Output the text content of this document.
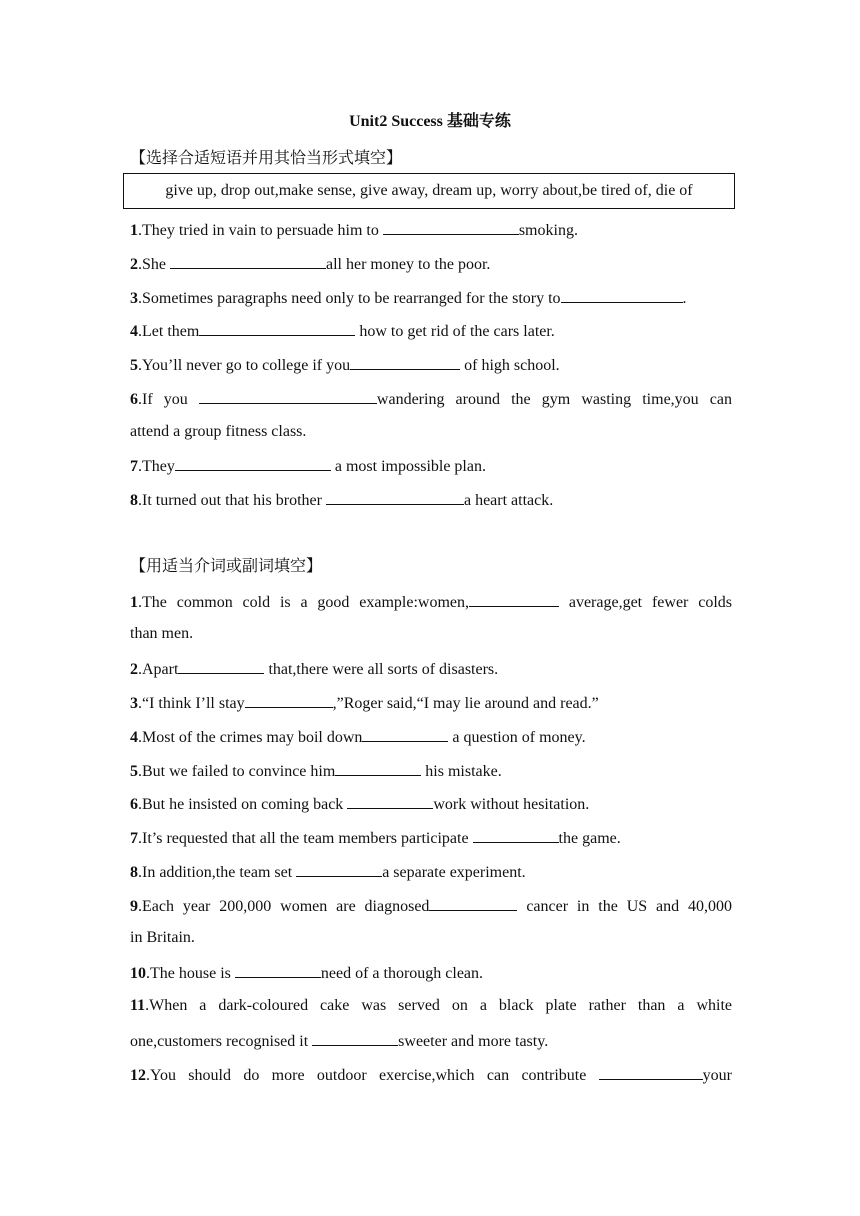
Unit2 Success 基础专练
【选择合适短语并用其恰当形式填空】
give up, drop out,make sense, give away, dream up, worry about,be tired of, die of
1.They tried in vain to persuade him to	smoking.
2.She	all her money to the poor.
3.Sometimes paragraphs need only to be rearranged for the story to	.
4.Let them	how to get rid of the cars later.
5.You’ll never go to college if you	of high school.
6.If you	wandering around the gym wasting time,you can
attend a group fitness class.
7.They	a most impossible plan.
8.It turned out that his brother	a heart attack.
【用适当介词或副词填空】
1.The common cold is a good example:women,	average,get fewer colds
than men.
2.Apart	that,there were all sorts of disasters.
3.“I think I’ll stay	,”Roger said,“I may lie around and read.”
4.Most of the crimes may boil down	a question of money.
5.But we failed to convince him	his mistake.
6.But he insisted on coming back	work without hesitation.
7.It’s requested that all the team members participate	the game.
8.In addition,the team set	a separate experiment.
9.Each year 200,000 women are diagnosed	cancer in the US and 40,000
in Britain.
10.The house is	need of a thorough clean.
11.When a dark-coloured cake was served on a black plate rather than a white
one,customers recognised it	sweeter and more tasty.
12.You should do more outdoor exercise,which can contribute	your
